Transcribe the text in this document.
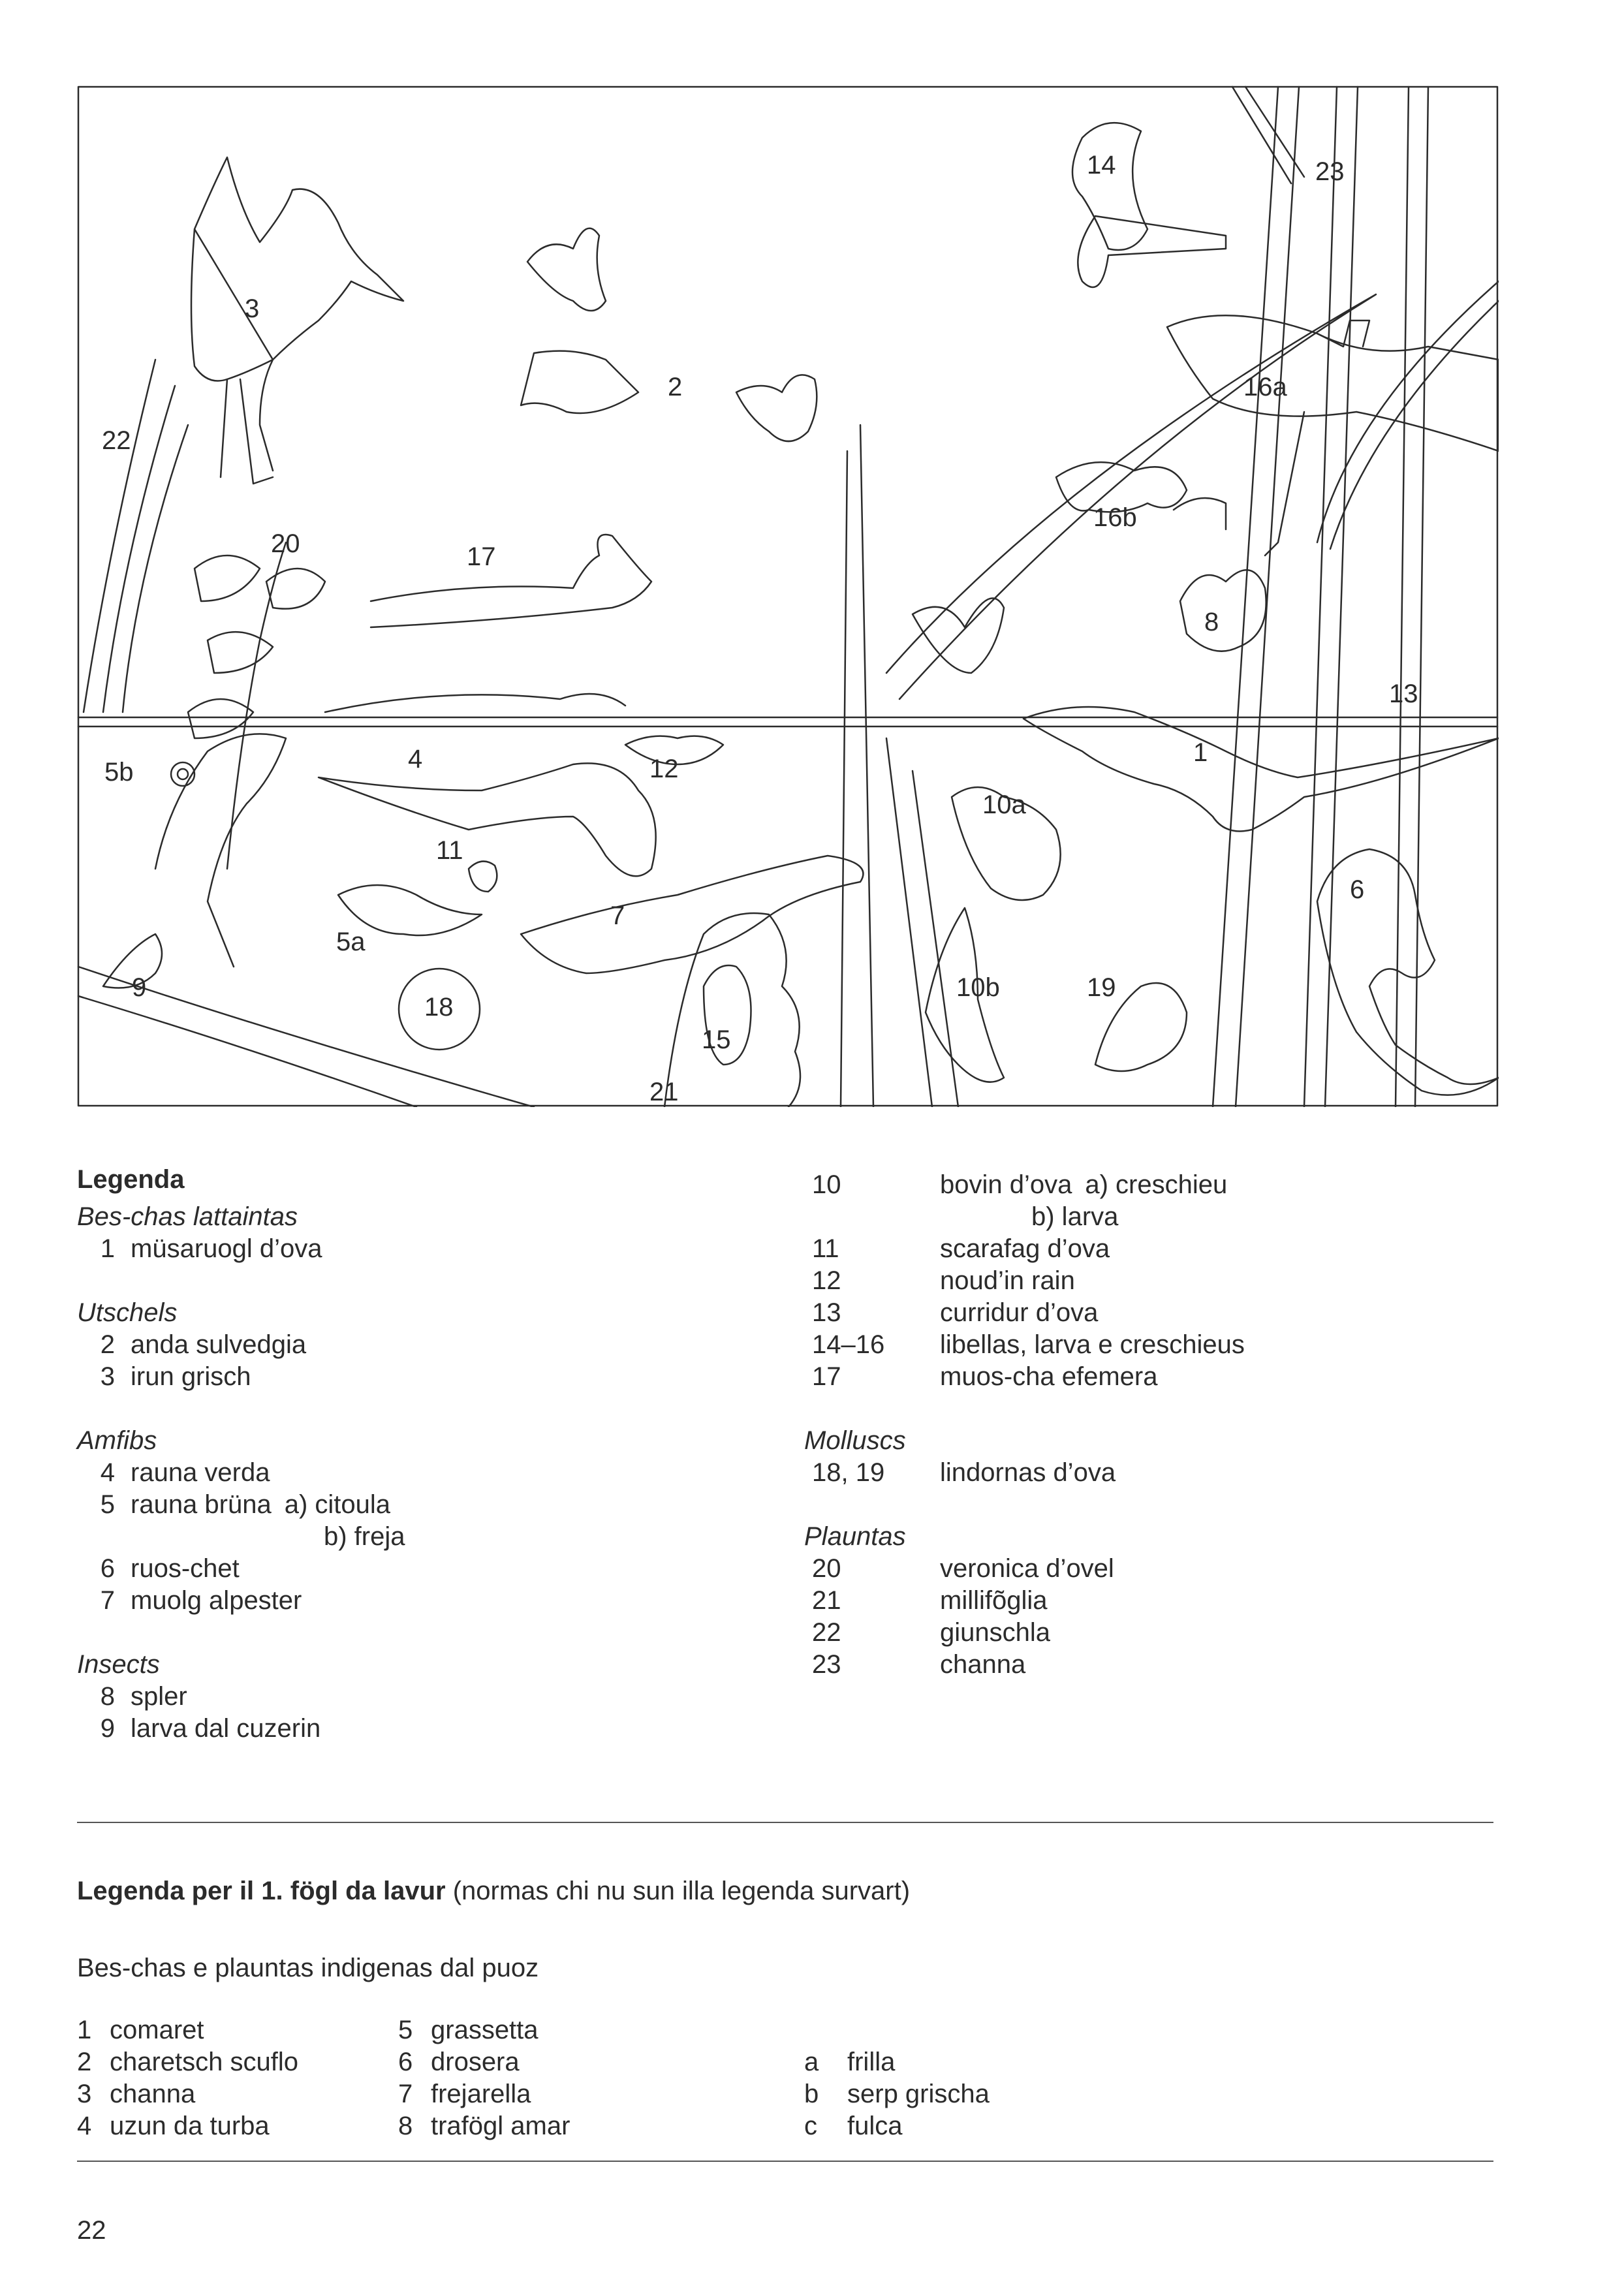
3
2
22
14	23
16a
16b
20	17
8
13
5b	4	12
1
10a
11
6
7
5a
10b	19
9
18
15
21
Legenda
Bes-chas lattaintas
1 müsaruogl d’ova
Utschels
2 anda sulvedgia
3 irun grisch
Amfibs
4 rauna verda
5 rauna brüna a) citoula
b) freja
6 ruos-chet
7 muolg alpester
Insects
8 spler
9 larva dal cuzerin
10	bovin d’ova a) creschieu
b) larva
11	scarafag d’ova
12	noud’in rain
13	curridur d’ova
14–16	libellas, larva e creschieus
17	muos-cha efemera
Molluscs
18, 19	lindornas d’ova
Plauntas
20	veronica d’ovel
21	millifõglia
22	giunschla
23	channa
Legenda per il 1. fögl da lavur (normas chi nu sun illa legenda survart)
Bes-chas e plauntas indigenas dal puoz
1 comaret
2 charetsch scuflo
3 channa
4 uzun da turba
5 grassetta
6 drosera
7 frejarella
8 trafögl amar
a	frilla
b	serp grischa
c	fulca
22
